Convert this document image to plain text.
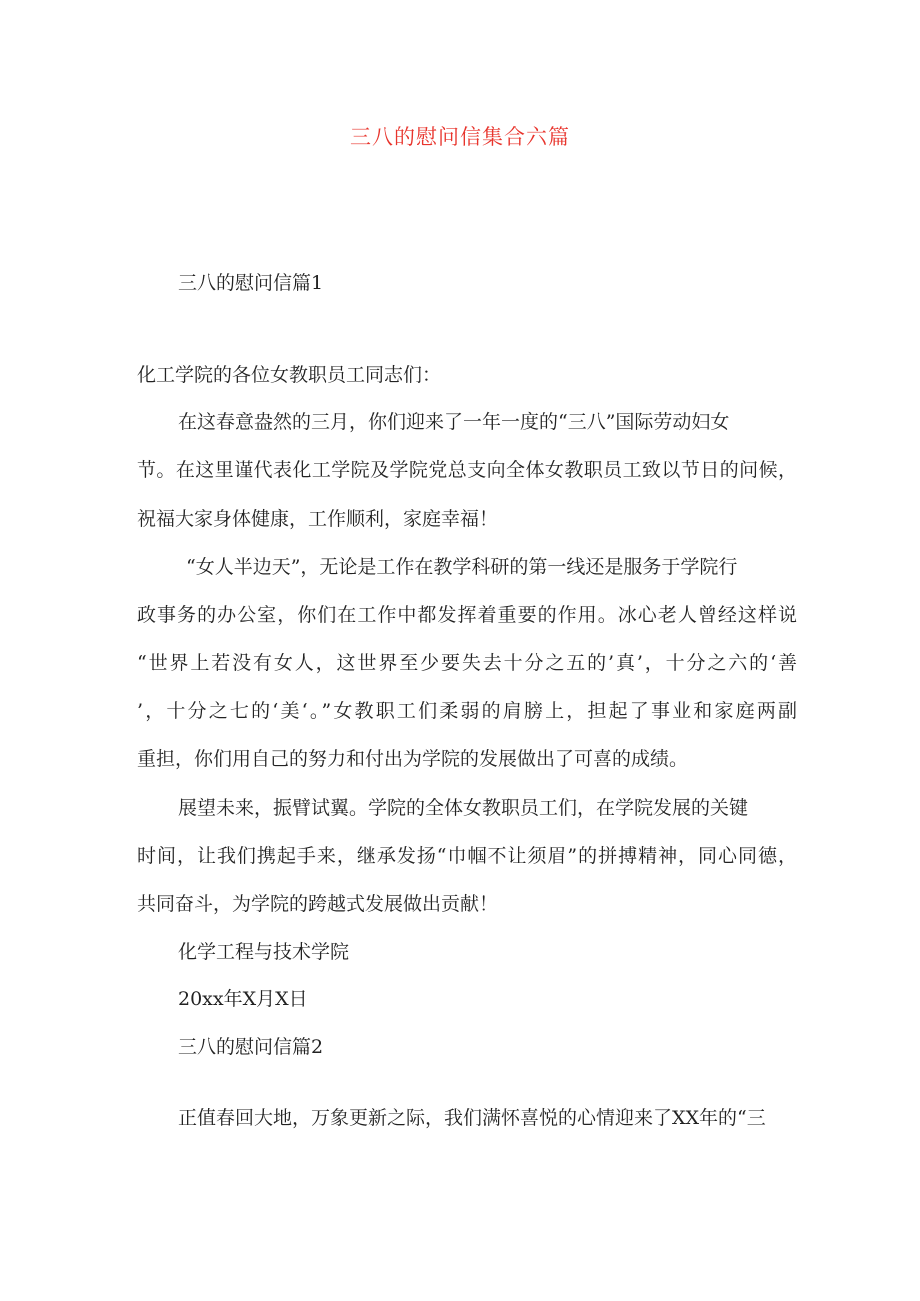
三八的慰问信集合六篇
三八的慰问信篇1
化工学院的各位女教职员工同志们：
在这春意盎然的三月，你们迎来了一年一度的“三八”国际劳动妇女
节。在这里谨代表化工学院及学院党总支向全体女教职员工致以节日的问候，
祝福大家身体健康，工作顺利，家庭幸福！
“女人半边天”，无论是工作在教学科研的第一线还是服务于学院行
政事务的办公室，你们在工作中都发挥着重要的作用。冰心老人曾经这样说
“世界上若没有女人，这世界至少要失去十分之五的’真’，十分之六的‘善
’，十分之七的‘美‘。”女教职工们柔弱的肩膀上，担起了事业和家庭两副
重担，你们用自己的努力和付出为学院的发展做出了可喜的成绩。
展望未来，振臂试翼。学院的全体女教职员工们，在学院发展的关键
时间，让我们携起手来，继承发扬“巾帼不让须眉”的拼搏精神，同心同德，
共同奋斗，为学院的跨越式发展做出贡献！
化学工程与技术学院
20xx年X月X日
三八的慰问信篇2
正值春回大地，万象更新之际，我们满怀喜悦的心情迎来了XX年的“三
